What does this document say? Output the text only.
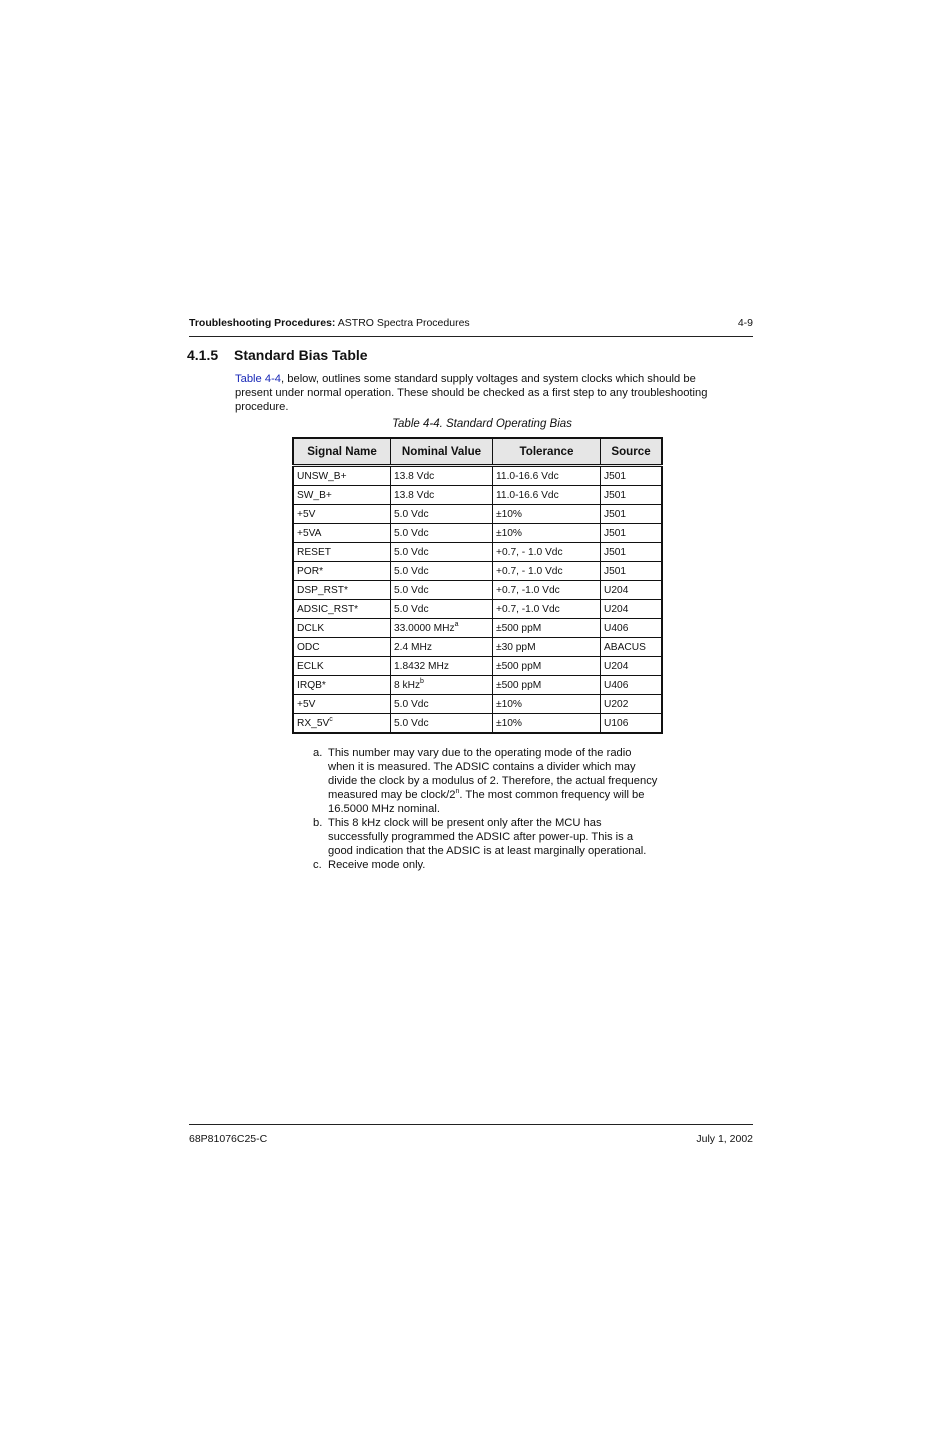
Troubleshooting Procedures: ASTRO Spectra Procedures	4-9
4.1.5 Standard Bias Table
Table 4-4, below, outlines some standard supply voltages and system clocks which should be present under normal operation. These should be checked as a first step to any troubleshooting procedure.
Table 4-4. Standard Operating Bias
Signal Name	Nominal Value	Tolerance	Source
UNSW_B+	13.8 Vdc	11.0-16.6 Vdc	J501
SW_B+	13.8 Vdc	11.0-16.6 Vdc	J501
+5V	5.0 Vdc	±10%	J501
+5VA	5.0 Vdc	±10%	J501
RESET	5.0 Vdc	+0.7, - 1.0 Vdc	J501
POR*	5.0 Vdc	+0.7, - 1.0 Vdc	J501
DSP_RST*	5.0 Vdc	+0.7, -1.0 Vdc	U204
ADSIC_RST*	5.0 Vdc	+0.7, -1.0 Vdc	U204
DCLK	33.0000 MHz$^a$	±500 ppM	U406
ODC	2.4 MHz	±30 ppM	ABACUS
ECLK	1.8432 MHz	±500 ppM	U204
IRQB*	8 kHz$^b$	±500 ppM	U406
+5V	5.0 Vdc	±10%	U202
$RX\_5V^c$	5.0 Vdc	±10%	U106
a. This number may vary due to the operating mode of the radio when it is measured. The ADSIC contains a divider which may divide the clock by a modulus of 2. Therefore, the actual frequency measured may be clock/2$^n$. The most common frequency will be 16.5000 MHz nominal.
b. This 8 kHz clock will be present only after the MCU has successfully programmed the ADSIC after power-up. This is a good indication that the ADSIC is at least marginally operational.
c. Receive mode only.
68P81076C25-C	July 1, 2002
